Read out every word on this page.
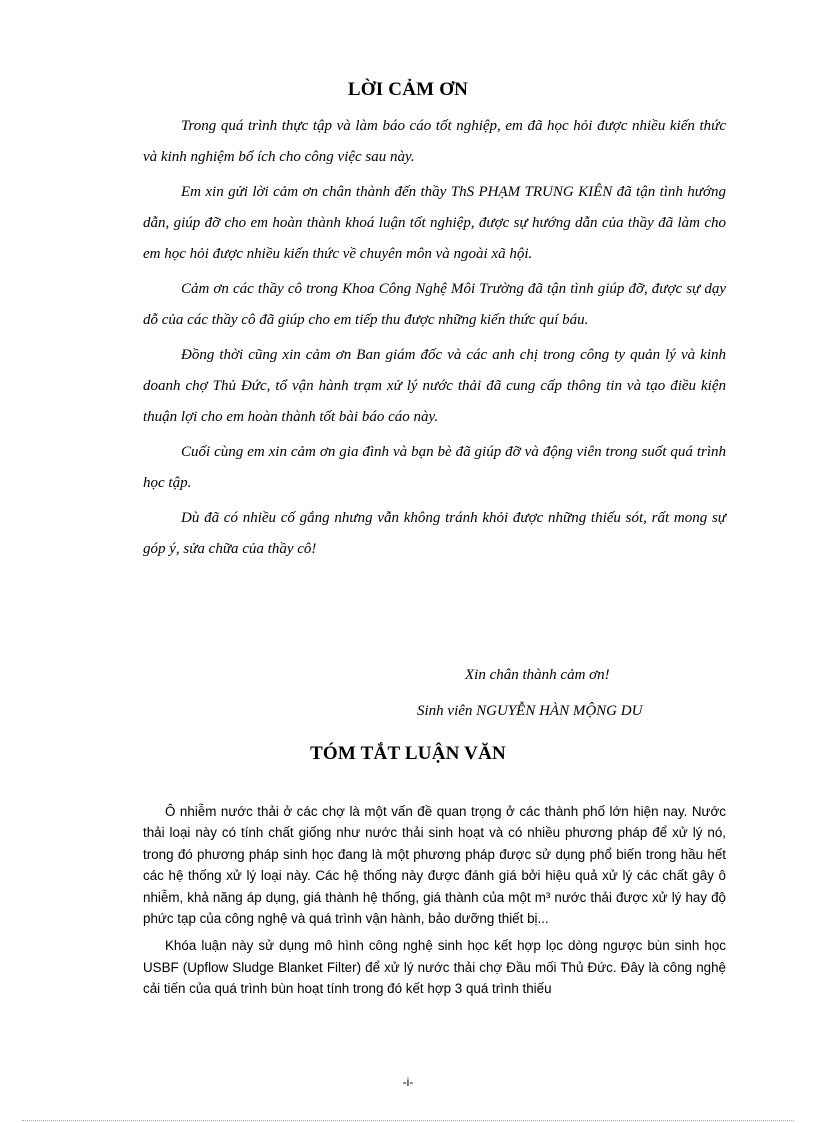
LỜI CẢM ƠN

Trong quá trình thực tập và làm báo cáo tốt nghiệp, em đã học hỏi được nhiều kiến thức và kinh nghiệm bổ ích cho công việc sau này.

Em xin gửi lời cảm ơn chân thành đến thầy ThS PHẠM TRUNG KIÊN đã tận tình hướng dẫn, giúp đỡ cho em hoàn thành khoá luận tốt nghiệp, được sự hướng dẫn của thầy đã làm cho em học hỏi được nhiều kiến thức về chuyên môn và ngoài xã hội.

Cảm ơn các thầy cô trong Khoa Công Nghệ Môi Trường đã tận tình giúp đỡ, được sự dạy dỗ của các thầy cô đã giúp cho em tiếp thu được những kiến thức quí báu.

Đồng thời cũng xin cảm ơn Ban giám đốc và các anh chị trong công ty quản lý và kinh doanh chợ Thủ Đức, tổ vận hành trạm xử lý nước thải đã cung cấp thông tin và tạo điều kiện thuận lợi cho em hoàn thành tốt bài báo cáo này.

Cuối cùng em xin cảm ơn gia đình và bạn bè đã giúp đỡ và động viên trong suốt quá trình học tập.

Dù đã có nhiều cố gắng nhưng vẫn không tránh khỏi được những thiếu sót, rất mong sự góp ý, sửa chữa của thầy cô!

Xin chân thành cảm ơn!
Sinh viên NGUYỄN HÀN MỘNG DU
TÓM TẮT LUẬN VĂN

Ô nhiễm nước thải ở các chợ là một vấn đề quan trọng ở các thành phố lớn hiện nay. Nước thải loại này có tính chất giống như nước thải sinh hoạt và có nhiều phương pháp để xử lý nó, trong đó phương pháp sinh học đang là một phương pháp được sử dụng phổ biến trong hầu hết các hệ thống xử lý loại này. Các hệ thống này được đánh giá bởi hiệu quả xử lý các chất gây ô nhiễm, khả năng áp dụng, giá thành hệ thống, giá thành của một m³ nước thải được xử lý hay độ phức tạp của công nghệ và quá trình vận hành, bảo dưỡng thiết bị...

Khóa luận này sử dụng mô hình công nghệ sinh học kết hợp lọc dòng ngược bùn sinh học USBF (Upflow Sludge Blanket Filter) để xử lý nước thải chợ Đầu mối Thủ Đức. Đây là công nghệ cải tiến của quá trình bùn hoạt tính trong đó kết hợp 3 quá trình thiếu

-i-
